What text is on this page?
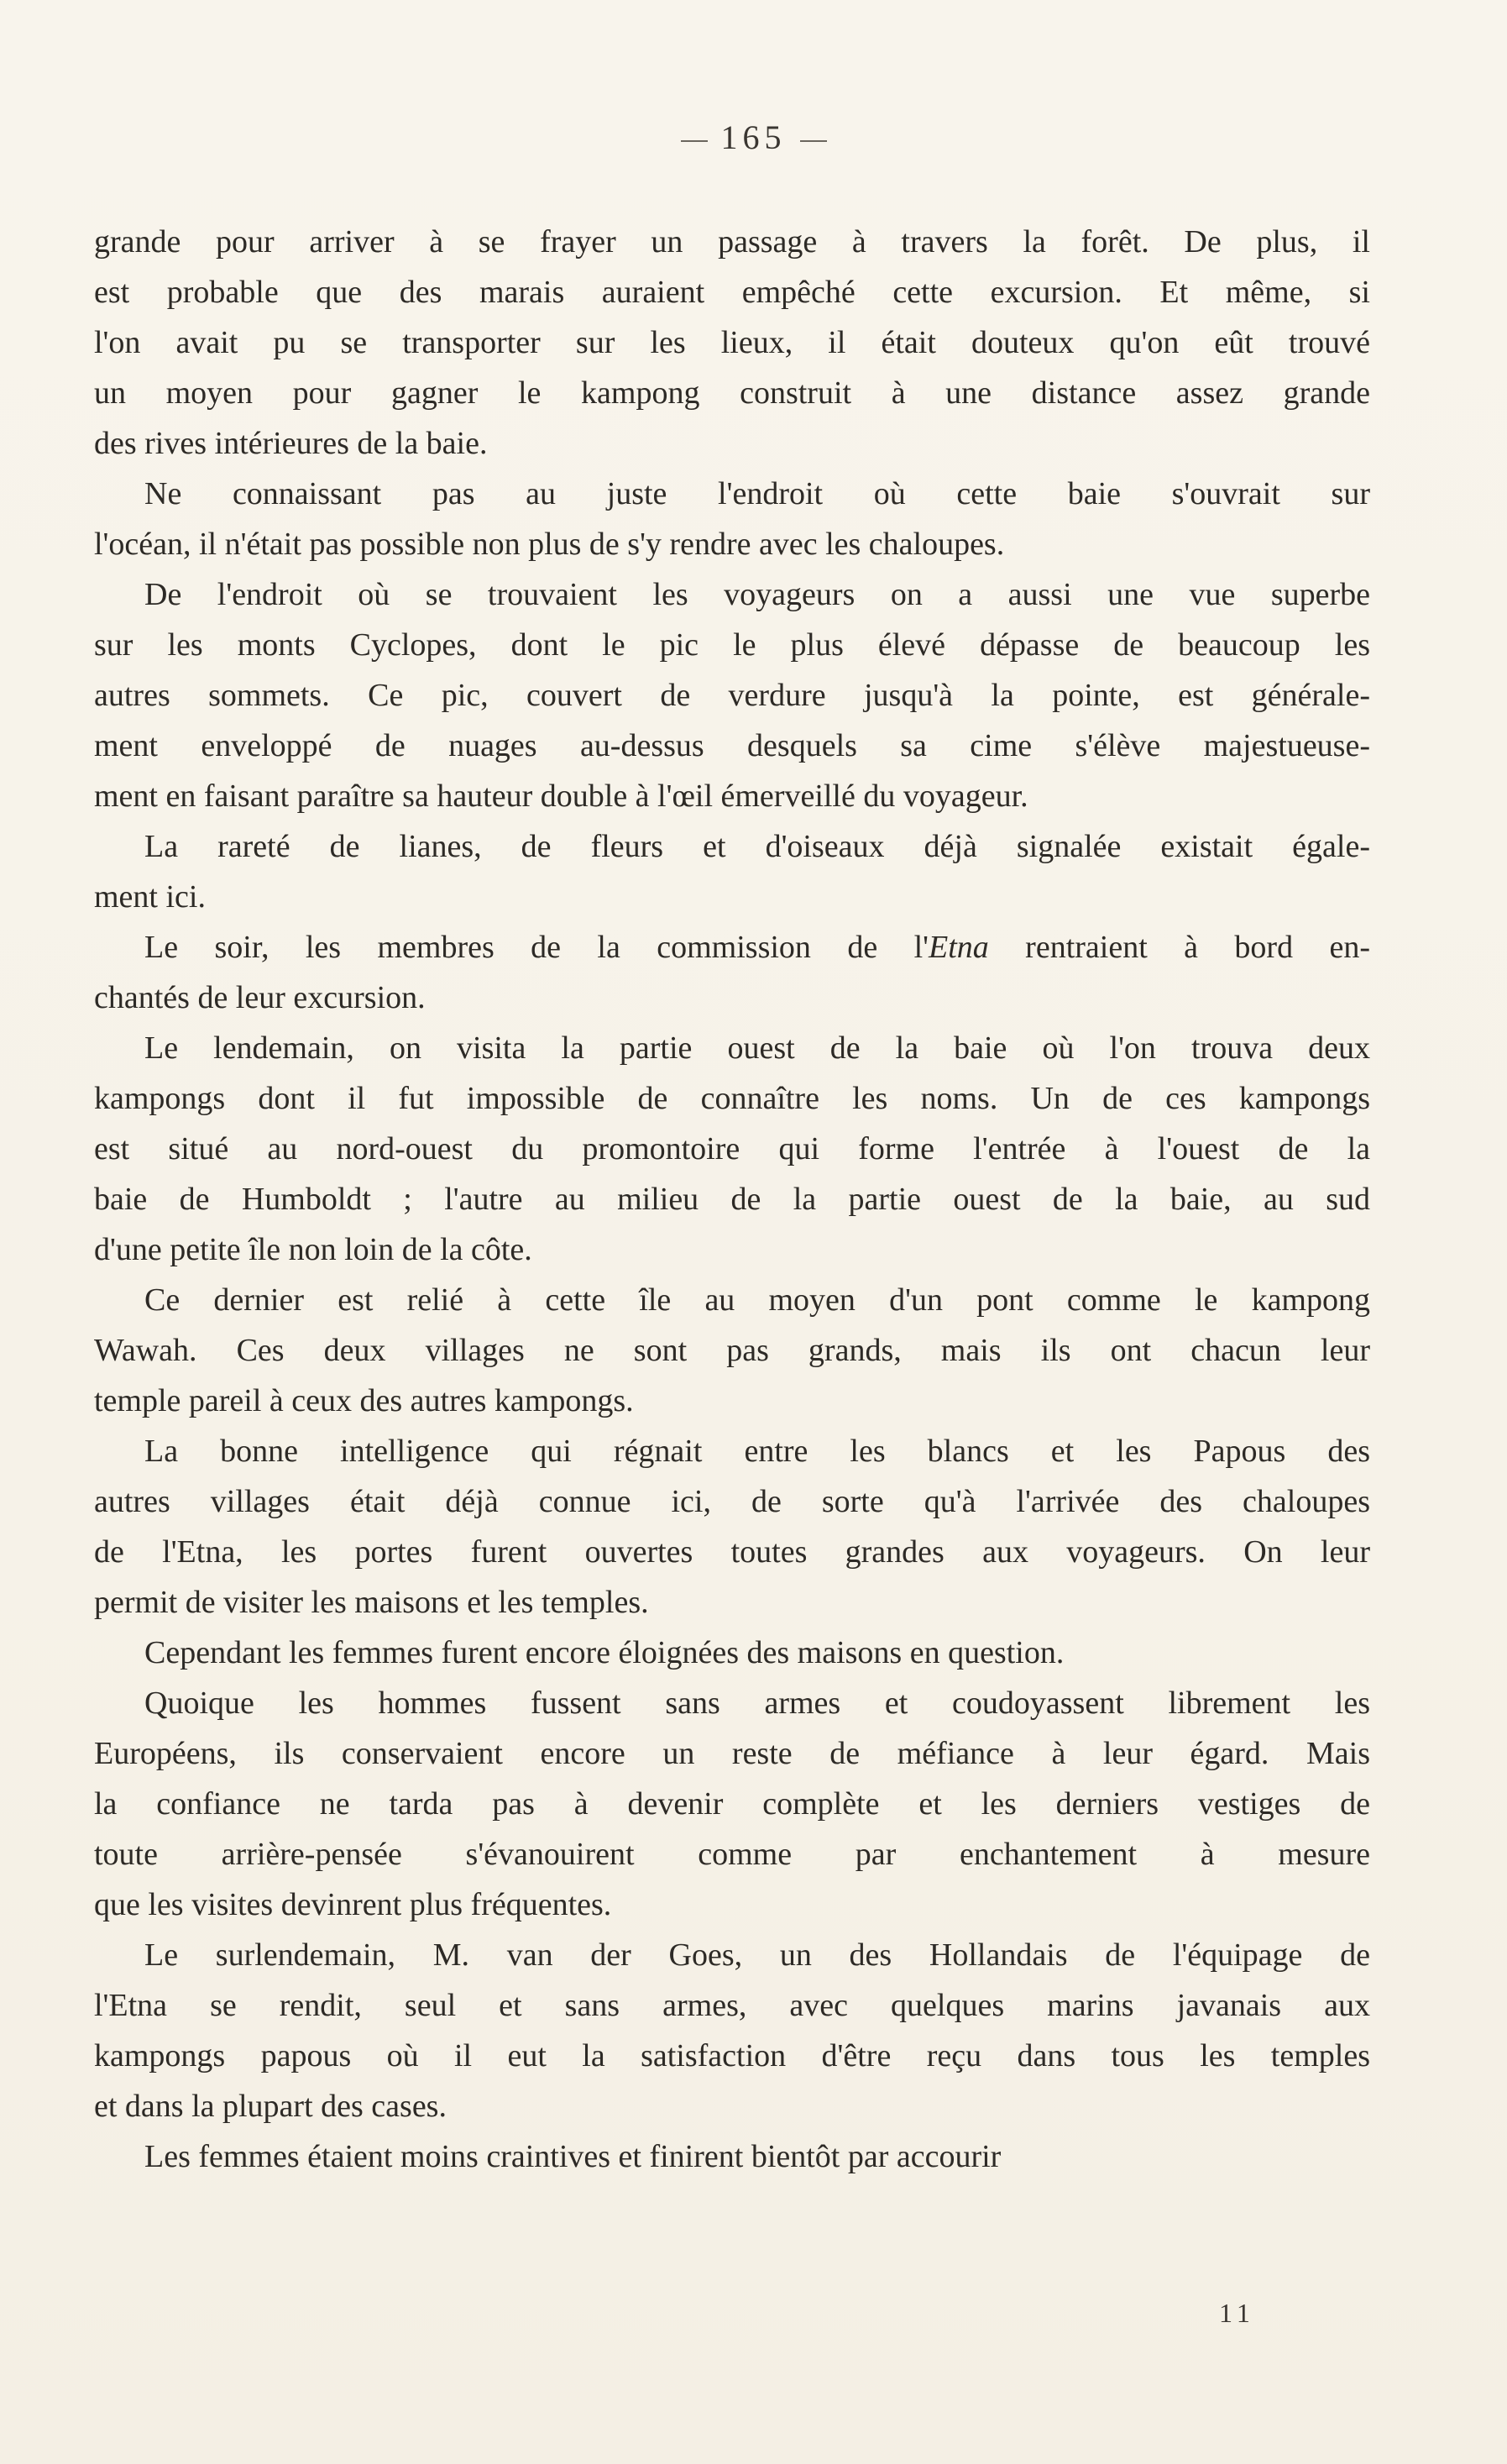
165
grande pour arriver à se frayer un passage à travers la forêt. De plus, il
est probable que des marais auraient empêché cette excursion. Et même, si
l'on avait pu se transporter sur les lieux, il était douteux qu'on eût trouvé
un moyen pour gagner le kampong construit à une distance assez grande
des rives intérieures de la baie.
Ne connaissant pas au juste l'endroit où cette baie s'ouvrait sur
l'océan, il n'était pas possible non plus de s'y rendre avec les chaloupes.
De l'endroit où se trouvaient les voyageurs on a aussi une vue superbe
sur les monts Cyclopes, dont le pic le plus élevé dépasse de beaucoup les
autres sommets. Ce pic, couvert de verdure jusqu'à la pointe, est générale-
ment enveloppé de nuages au-dessus desquels sa cime s'élève majestueuse-
ment en faisant paraître sa hauteur double à l'œil émerveillé du voyageur.
La rareté de lianes, de fleurs et d'oiseaux déjà signalée existait égale-
ment ici.
Le soir, les membres de la commission de l'Etna rentraient à bord en-
chantés de leur excursion.
Le lendemain, on visita la partie ouest de la baie où l'on trouva deux
kampongs dont il fut impossible de connaître les noms. Un de ces kampongs
est situé au nord-ouest du promontoire qui forme l'entrée à l'ouest de la
baie de Humboldt ; l'autre au milieu de la partie ouest de la baie, au sud
d'une petite île non loin de la côte.
Ce dernier est relié à cette île au moyen d'un pont comme le kampong
Wawah. Ces deux villages ne sont pas grands, mais ils ont chacun leur
temple pareil à ceux des autres kampongs.
La bonne intelligence qui régnait entre les blancs et les Papous des
autres villages était déjà connue ici, de sorte qu'à l'arrivée des chaloupes
de l'Etna, les portes furent ouvertes toutes grandes aux voyageurs. On leur
permit de visiter les maisons et les temples.
Cependant les femmes furent encore éloignées des maisons en question.
Quoique les hommes fussent sans armes et coudoyassent librement les
Européens, ils conservaient encore un reste de méfiance à leur égard. Mais
la confiance ne tarda pas à devenir complète et les derniers vestiges de
toute arrière-pensée s'évanouirent comme par enchantement à mesure
que les visites devinrent plus fréquentes.
Le surlendemain, M. van der Goes, un des Hollandais de l'équipage de
l'Etna se rendit, seul et sans armes, avec quelques marins javanais aux
kampongs papous où il eut la satisfaction d'être reçu dans tous les temples
et dans la plupart des cases.
Les femmes étaient moins craintives et finirent bientôt par accourir
11
